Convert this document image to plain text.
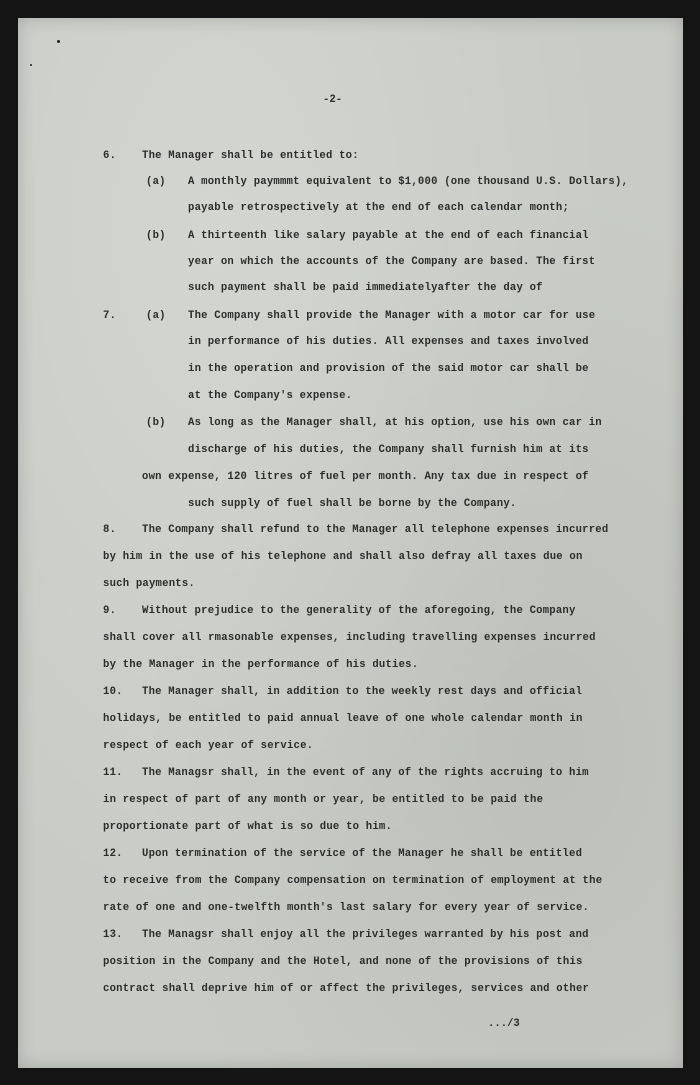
-2-
6. The Manager shall be entitled to:
(a) A monthly paymmmt equivalent to $1,000 (one thousand U.S. Dollars),
payable retrospectively at the end of each calendar month;
(b) A thirteenth like salary payable at the end of each financial
year on which the accounts of the Company are based. The first
such payment shall be paid immediatelyafter the day of
7.	(a) The Company shall provide the Manager with a motor car for use
in performance of his duties. All expenses and taxes involved
in the operation and provision of the said motor car shall be
at the Company's expense.
(b) As long as the Manager shall, at his option, use his own car in
discharge of his duties, the Company shall furnish him at its
own expense, 120 litres of fuel per month. Any tax due in respect of
such supply of fuel shall be borne by the Company.
8. The Company shall refund to the Manager all telephone expenses incurred
by him in the use of his telephone and shall also defray all taxes due on
such payments.
9. Without prejudice to the generality of the aforegoing, the Company
shall cover all rmasonable expenses, including travelling expenses incurred
by the Manager in the performance of his duties.
10. The Manager shall, in addition to the weekly rest days and official
holidays, be entitled to paid annual leave of one whole calendar month in
respect of each year of service.
11. The Managsr shall, in the event of any of the rights accruing to him
in respect of part of any month or year, be entitled to be paid the
proportionate part of what is so due to him.
12. Upon termination of the service of the Manager he shall be entitled
to receive from the Company compensation on termination of employment at the
rate of one and one-twelfth month's last salary for every year of service.
13. The Managsr shall enjoy all the privileges warranted by his post and
position in the Company and the Hotel, and none of the provisions of this
contract shall deprive him of or affect the privileges, services and other
.../3
